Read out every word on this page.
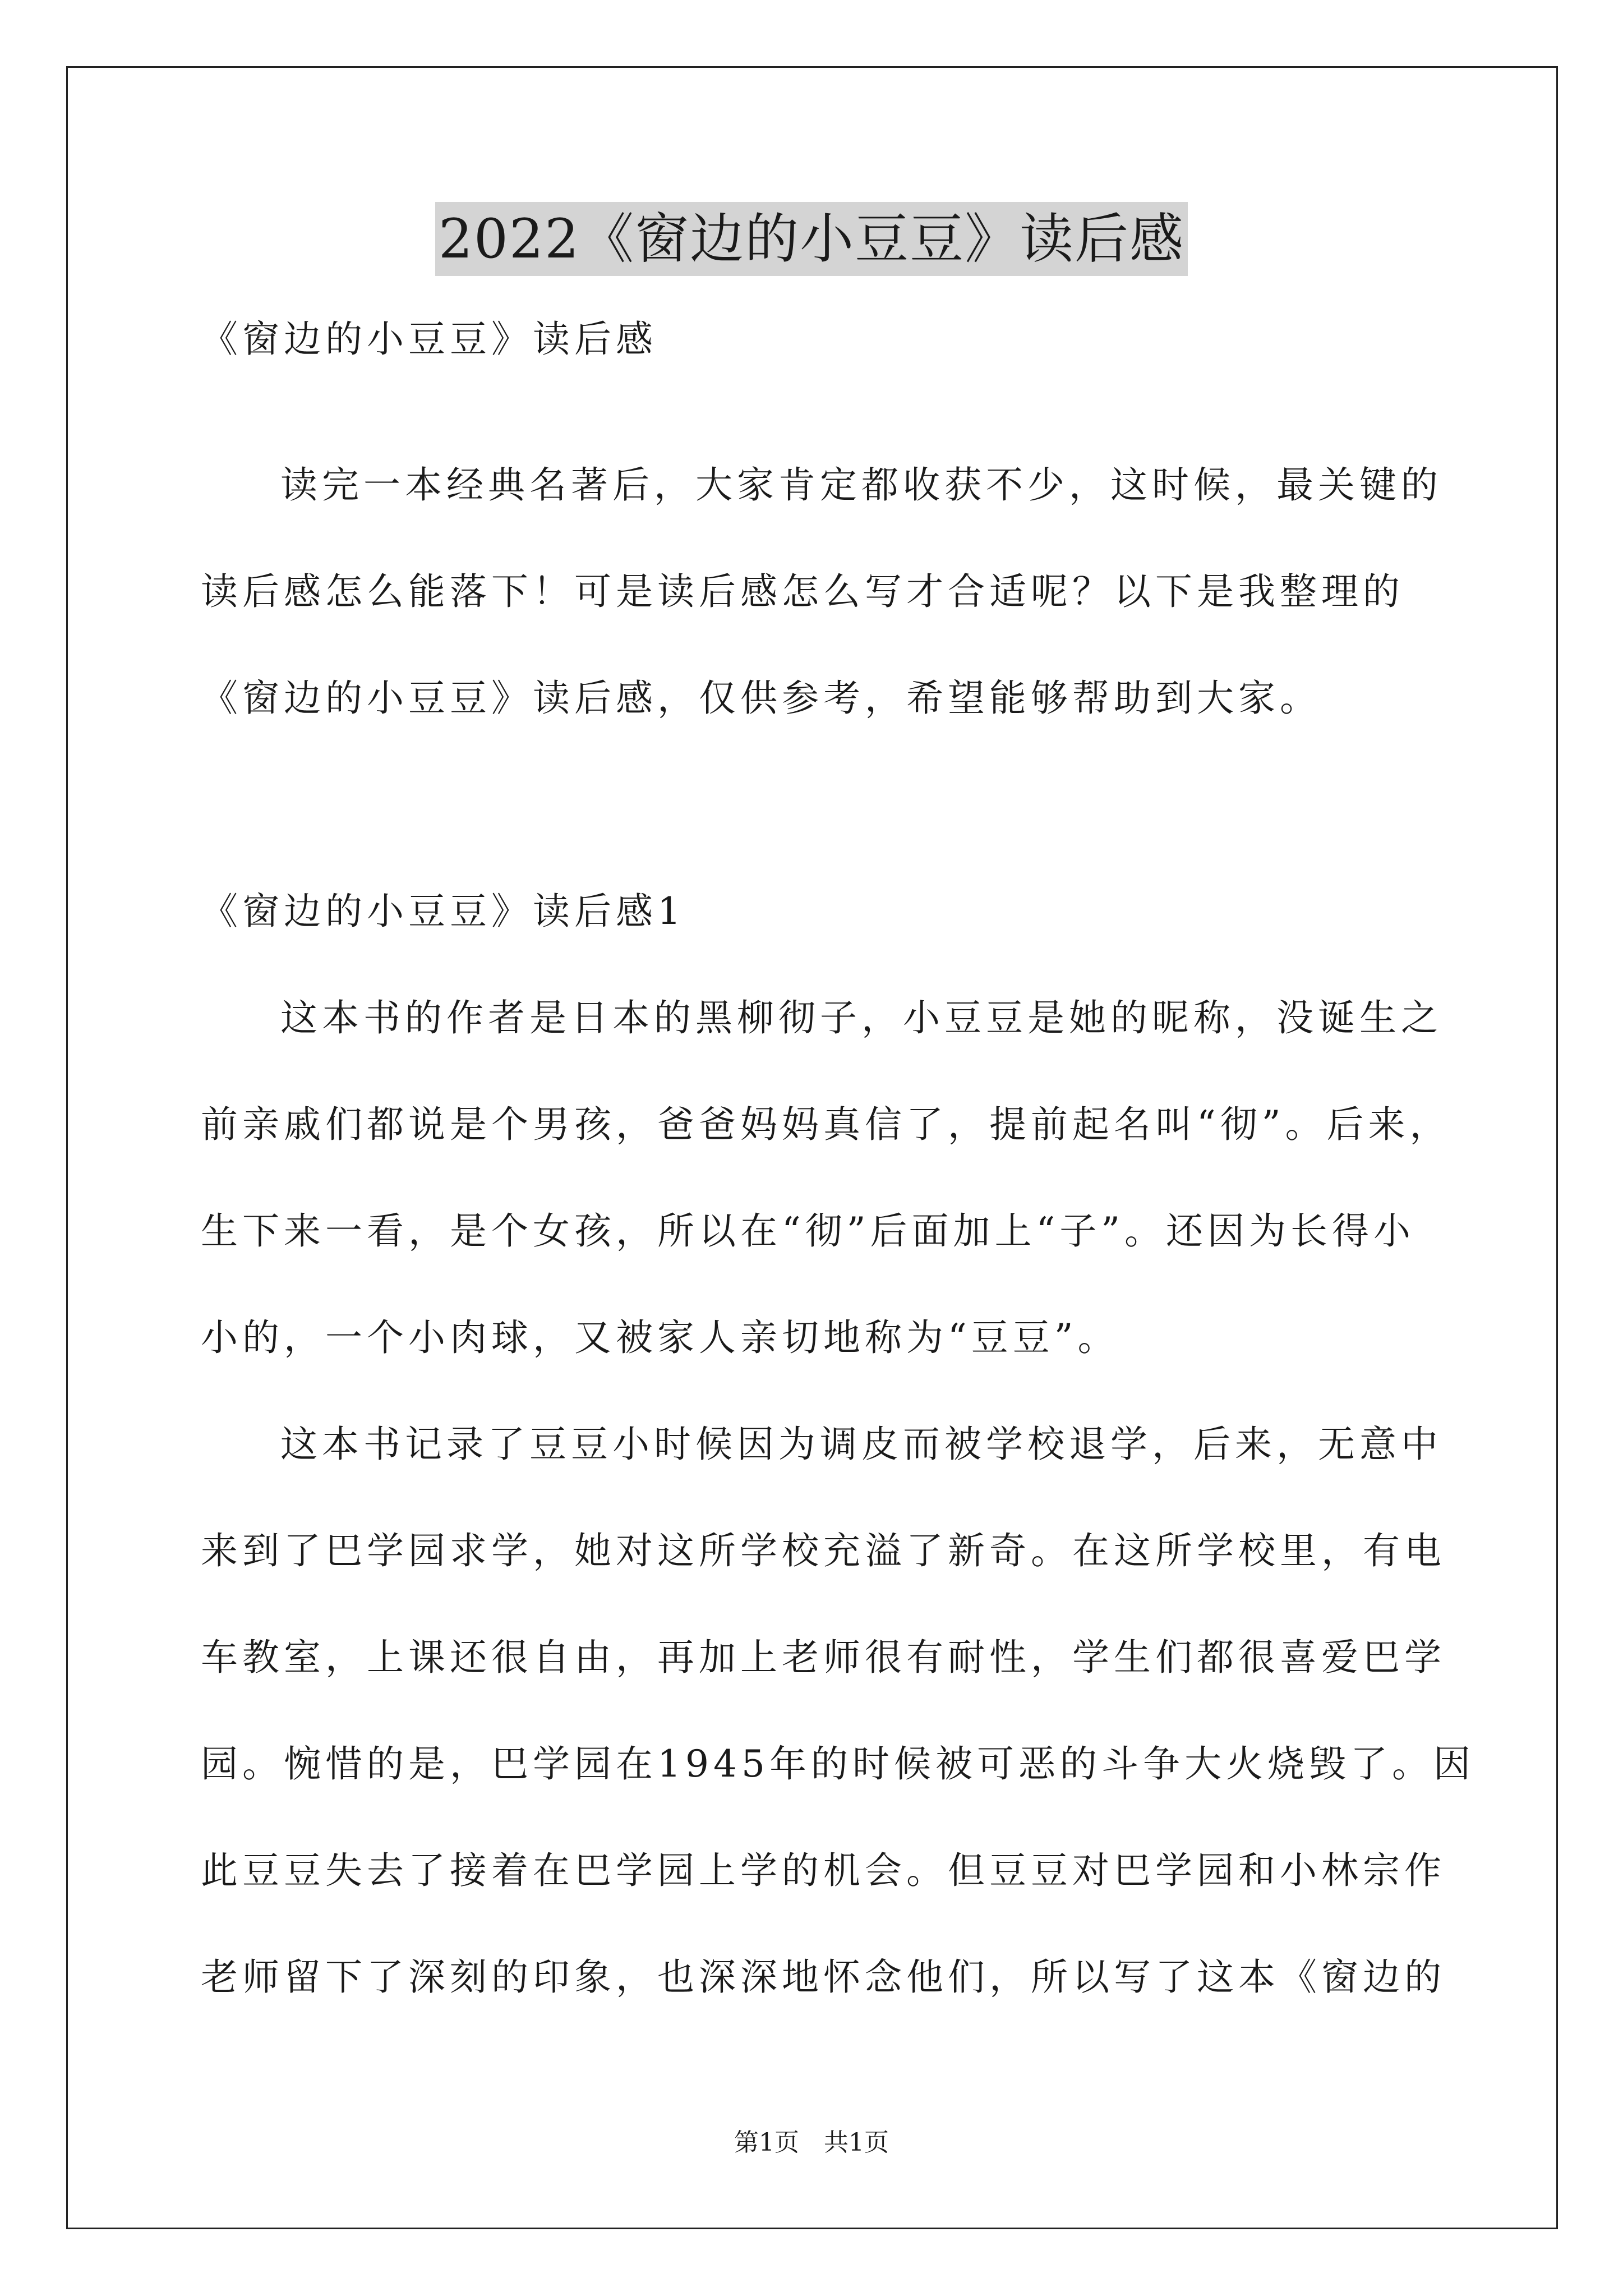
2022《窗边的小豆豆》读后感
《窗边的小豆豆》读后感
读完一本经典名著后，大家肯定都收获不少，这时候，最关键的
读后感怎么能落下！可是读后感怎么写才合适呢？以下是我整理的
《窗边的小豆豆》读后感，仅供参考，希望能够帮助到大家。
《窗边的小豆豆》读后感1
这本书的作者是日本的黑柳彻子，小豆豆是她的昵称，没诞生之
前亲戚们都说是个男孩，爸爸妈妈真信了，提前起名叫“彻”。后来，
生下来一看，是个女孩，所以在“彻”后面加上“子”。还因为长得小
小的，一个小肉球，又被家人亲切地称为“豆豆”。
这本书记录了豆豆小时候因为调皮而被学校退学，后来，无意中
来到了巴学园求学，她对这所学校充溢了新奇。在这所学校里，有电
车教室，上课还很自由，再加上老师很有耐性，学生们都很喜爱巴学
园。惋惜的是，巴学园在1945年的时候被可恶的斗争大火烧毁了。因
此豆豆失去了接着在巴学园上学的机会。但豆豆对巴学园和小林宗作
老师留下了深刻的印象，也深深地怀念他们，所以写了这本《窗边的
第1页　共1页
